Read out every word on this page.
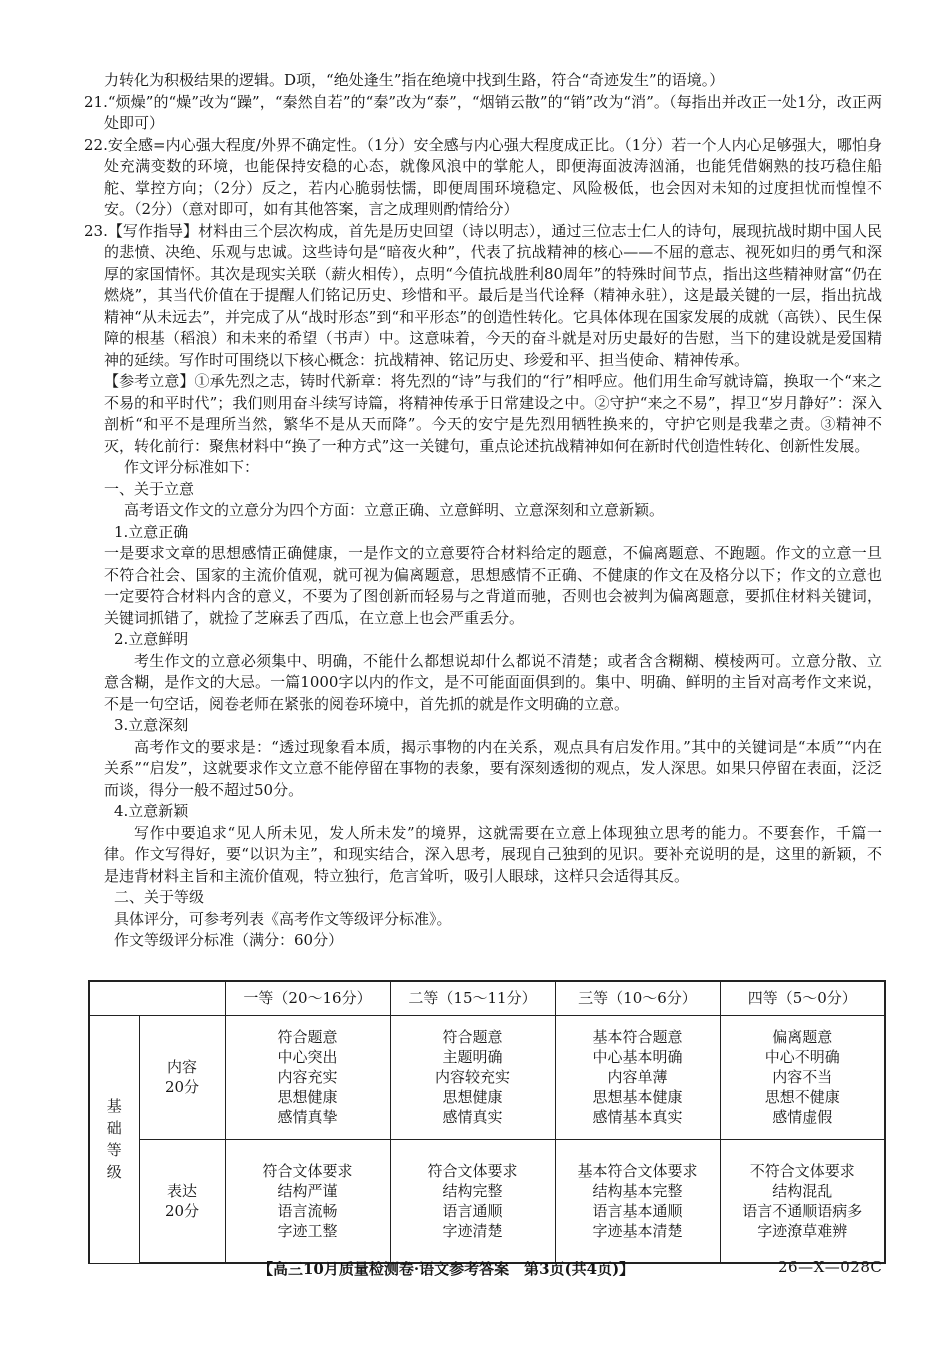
力转化为积极结果的逻辑。D项，“绝处逢生”指在绝境中找到生路，符合“奇迹发生”的语境。）

21.“烦燥”的“燥”改为“躁”，“秦然自若”的“秦”改为“泰”，“烟销云散”的“销”改为“消”。（每指出并改正一处1分，改正两处即可）

22.安全感=内心强大程度/外界不确定性。（1分）安全感与内心强大程度成正比。（1分）若一个人内心足够强大，哪怕身处充满变数的环境，也能保持安稳的心态，就像风浪中的掌舵人，即便海面波涛汹涌，也能凭借娴熟的技巧稳住船舵、掌控方向；（2分）反之，若内心脆弱怯懦，即便周围环境稳定、风险极低，也会因对未知的过度担忧而惶惶不安。（2分）（意对即可，如有其他答案，言之成理则酌情给分）

23.【写作指导】材料由三个层次构成，首先是历史回望（诗以明志），通过三位志士仁人的诗句，展现抗战时期中国人民的悲愤、决绝、乐观与忠诚。这些诗句是“暗夜火种”，代表了抗战精神的核心——不屈的意志、视死如归的勇气和深厚的家国情怀。其次是现实关联（薪火相传），点明“今值抗战胜利80周年”的特殊时间节点，指出这些精神财富“仍在燃烧”，其当代价值在于提醒人们铭记历史、珍惜和平。最后是当代诠释（精神永驻），这是最关键的一层，指出抗战精神“从未远去”，并完成了从“战时形态”到“和平形态”的创造性转化。它具体体现在国家发展的成就（高铁）、民生保障的根基（稻浪）和未来的希望（书声）中。这意味着，今天的奋斗就是对历史最好的告慰，当下的建设就是爱国精神的延续。写作时可围绕以下核心概念：抗战精神、铭记历史、珍爱和平、担当使命、精神传承。

【参考立意】①承先烈之志，铸时代新章：将先烈的“诗”与我们的“行”相呼应。他们用生命写就诗篇，换取一个“来之不易的和平时代”；我们则用奋斗续写诗篇，将精神传承于日常建设之中。②守护“来之不易”，捍卫“岁月静好”：深入剖析“和平不是理所当然，繁华不是从天而降”。今天的安宁是先烈用牺牲换来的，守护它则是我辈之责。③精神不灭，转化前行：聚焦材料中“换了一种方式”这一关键句，重点论述抗战精神如何在新时代创造性转化、创新性发展。

作文评分标准如下：

一、关于立意

高考语文作文的立意分为四个方面：立意正确、立意鲜明、立意深刻和立意新颖。

1.立意正确

一是要求文章的思想感情正确健康，一是作文的立意要符合材料给定的题意，不偏离题意、不跑题。作文的立意一旦不符合社会、国家的主流价值观，就可视为偏离题意，思想感情不正确、不健康的作文在及格分以下；作文的立意也一定要符合材料内含的意义，不要为了图创新而轻易与之背道而驰，否则也会被判为偏离题意，要抓住材料关键词，关键词抓错了，就捡了芝麻丢了西瓜，在立意上也会严重丢分。

2.立意鲜明

考生作文的立意必须集中、明确，不能什么都想说却什么都说不清楚；或者含含糊糊、模棱两可。立意分散、立意含糊，是作文的大忌。一篇1000字以内的作文，是不可能面面俱到的。集中、明确、鲜明的主旨对高考作文来说，不是一句空话，阅卷老师在紧张的阅卷环境中，首先抓的就是作文明确的立意。

3.立意深刻

高考作文的要求是：“透过现象看本质，揭示事物的内在关系，观点具有启发作用。”其中的关键词是“本质”“内在关系”“启发”，这就要求作文立意不能停留在事物的表象，要有深刻透彻的观点，发人深思。如果只停留在表面，泛泛而谈，得分一般不超过50分。

4.立意新颖

写作中要追求“见人所未见，发人所未发”的境界，这就需要在立意上体现独立思考的能力。不要套作，千篇一律。作文写得好，要“以识为主”，和现实结合，深入思考，展现自己独到的见识。要补充说明的是，这里的新颖，不是违背材料主旨和主流价值观，特立独行，危言耸听，吸引人眼球，这样只会适得其反。

二、关于等级

具体评分，可参考列表《高考作文等级评分标准》。

作文等级评分标准（满分：60分）

		一等（20～16分）	二等（15～11分）	三等（10～6分）	四等（5～0分）

基
础
等
级	内容
20分	符合题意
中心突出
内容充实
思想健康
感情真挚	符合题意
主题明确
内容较充实
思想健康
感情真实	基本符合题意
中心基本明确
内容单薄
思想基本健康
感情基本真实	偏离题意
中心不明确
内容不当
思想不健康
感情虚假

	表达
20分	符合文体要求
结构严谨
语言流畅
字迹工整	符合文体要求
结构完整
语言通顺
字迹清楚	基本符合文体要求
结构基本完整
语言基本通顺
字迹基本清楚	不符合文体要求
结构混乱
语言不通顺语病多
字迹潦草难辨
【高三10月质量检测卷·语文参考答案　第3页(共4页)】	26—X—028C
